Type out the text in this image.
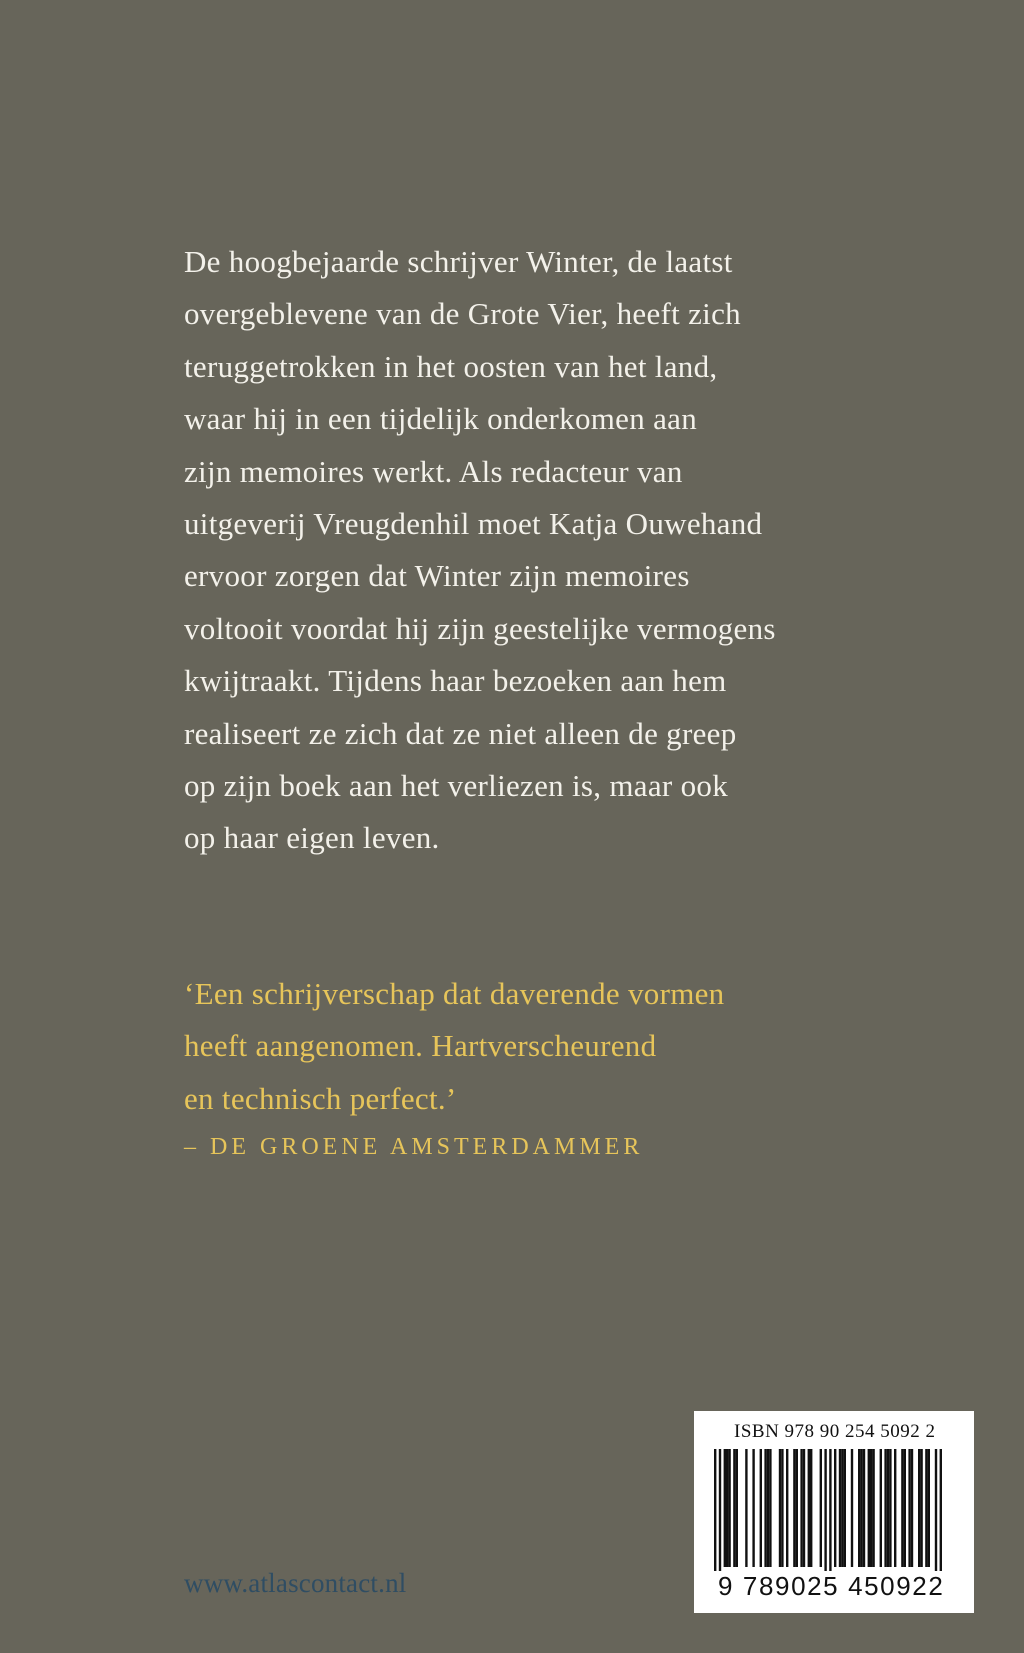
De hoogbejaarde schrijver Winter, de laatst
overgeblevene van de Grote Vier, heeft zich
teruggetrokken in het oosten van het land,
waar hij in een tijdelijk onderkomen aan
zijn memoires werkt. Als redacteur van
uitgeverij Vreugdenhil moet Katja Ouwehand
ervoor zorgen dat Winter zijn memoires
voltooit voordat hij zijn geestelijke vermogens
kwijtraakt. Tijdens haar bezoeken aan hem
realiseert ze zich dat ze niet alleen de greep
op zijn boek aan het verliezen is, maar ook
op haar eigen leven.
‘Een schrijverschap dat daverende vormen
heeft aangenomen. Hartverscheurend
en technisch perfect.’
– DE GROENE AMSTERDAMMER
www.atlascontact.nl
ISBN 978 90 254 5092 2
9 789025 450922
